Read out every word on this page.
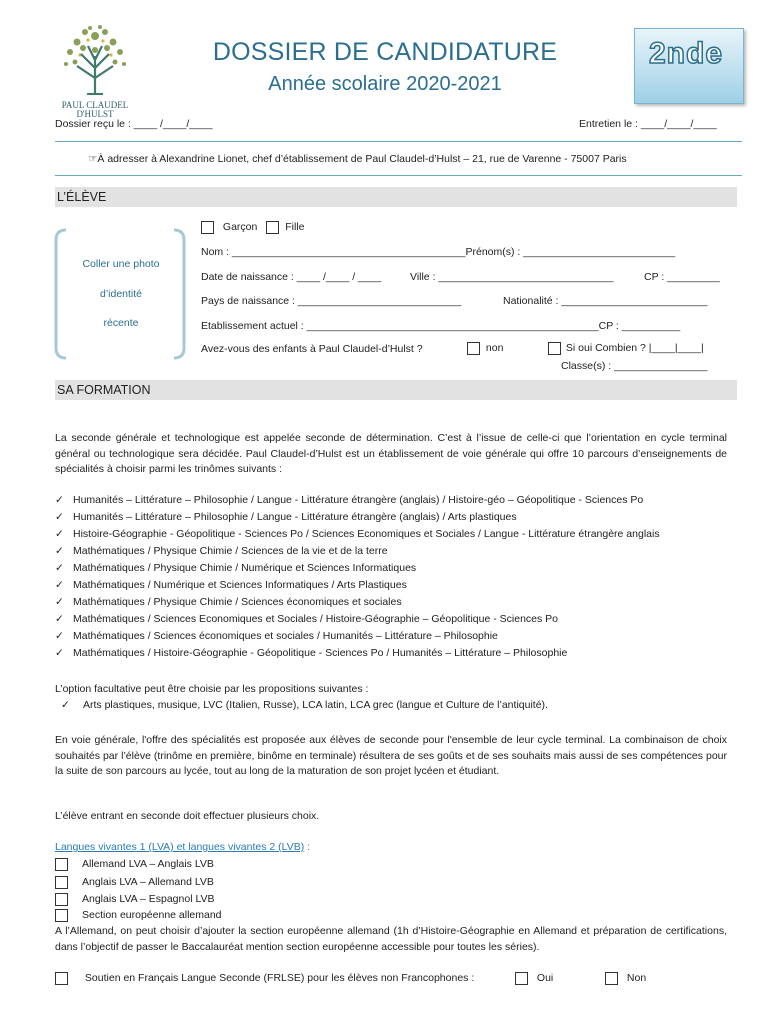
PAUL CLAUDEL
D'HULST
DOSSIER DE CANDIDATURE
Année scolaire 2020-2021
2nde
Dossier reçu le : ____ /____/____	Entretien le : ____/____/____
☞À adresser à Alexandrine Lionet, chef d’établissement de Paul Claudel-d’Hulst – 21, rue de Varenne - 75007 Paris
L’ÉLÈVE
Coller une photo
d’identité
récente
Garçon	Fille
Nom : ________________________________________Prénom(s) : __________________________
Date de naissance : ____ /____ / ____	Ville : ______________________________	CP : _________
Pays de naissance : ____________________________	Nationalité : _________________________
Etablissement actuel : __________________________________________________CP : __________
Avez-vous des enfants à Paul Claudel-d’Hulst ?	non	Si oui Combien ? |____|____|
Classe(s) : ________________
SA FORMATION
La seconde générale et technologique est appelée seconde de détermination. C’est à l’issue de celle-ci que l’orientation en cycle terminal général ou technologique sera décidée. Paul Claudel-d’Hulst est un établissement de voie générale qui offre 10 parcours d’enseignements de spécialités à choisir parmi les trinômes suivants :
✓ Humanités – Littérature – Philosophie / Langue - Littérature étrangère (anglais) / Histoire-géo – Géopolitique - Sciences Po
✓ Humanités – Littérature – Philosophie / Langue - Littérature étrangère (anglais) / Arts plastiques
✓ Histoire-Géographie - Géopolitique - Sciences Po / Sciences Economiques et Sociales / Langue - Littérature étrangère anglais
✓ Mathématiques / Physique Chimie / Sciences de la vie et de la terre
✓ Mathématiques / Physique Chimie / Numérique et Sciences Informatiques
✓ Mathématiques / Numérique et Sciences Informatiques / Arts Plastiques
✓ Mathématiques / Physique Chimie / Sciences économiques et sociales
✓ Mathématiques / Sciences Economiques et Sociales / Histoire-Géographie – Géopolitique - Sciences Po
✓ Mathématiques / Sciences économiques et sociales / Humanités – Littérature – Philosophie
✓ Mathématiques / Histoire-Géographie - Géopolitique - Sciences Po / Humanités – Littérature – Philosophie
L’option facultative peut être choisie par les propositions suivantes :
✓ Arts plastiques, musique, LVC (Italien, Russe), LCA latin, LCA grec (langue et Culture de l’antiquité).
En voie générale, l'offre des spécialités est proposée aux élèves de seconde pour l'ensemble de leur cycle terminal. La combinaison de choix souhaités par l’élève (trinôme en première, binôme en terminale) résultera de ses goûts et de ses souhaits mais aussi de ses compétences pour la suite de son parcours au lycée, tout au long de la maturation de son projet lycéen et étudiant.
L’élève entrant en seconde doit effectuer plusieurs choix.
Langues vivantes 1 (LVA) et langues vivantes 2 (LVB) :
Allemand LVA – Anglais LVB
Anglais LVA – Allemand LVB
Anglais LVA – Espagnol LVB
Section européenne allemand
A l’Allemand, on peut choisir d’ajouter la section européenne allemand (1h d’Histoire-Géographie en Allemand et préparation de certifications, dans l’objectif de passer le Baccalauréat mention section européenne accessible pour toutes les séries).
Soutien en Français Langue Seconde (FRLSE) pour les élèves non Francophones :	Oui	Non
